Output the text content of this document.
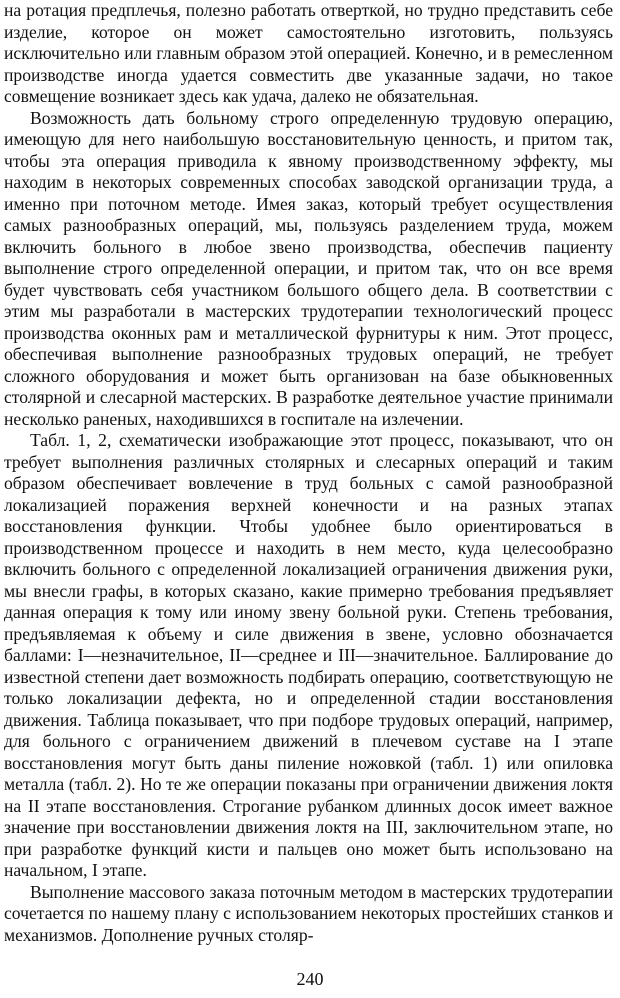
на ротация предплечья, полезно работать отверткой, но трудно представить себе изделие, которое он может самостоятельно изготовить, пользуясь исключительно или главным образом этой операцией. Конечно, и в ремесленном производстве иногда удается совместить две указанные задачи, но такое совмещение возникает здесь как удача, далеко не обязательная.

Возможность дать больному строго определенную трудовую операцию, имеющую для него наибольшую восстановительную ценность, и притом так, чтобы эта операция приводила к явному производственному эффекту, мы находим в некоторых современных способах заводской организации труда, а именно при поточном методе. Имея заказ, который требует осуществления самых разнообразных операций, мы, пользуясь разделением труда, можем включить больного в любое звено производства, обеспечив пациенту выполнение строго определенной операции, и притом так, что он все время будет чувствовать себя участником большого общего дела. В соответствии с этим мы разработали в мастерских трудотерапии технологический процесс производства оконных рам и металлической фурнитуры к ним. Этот процесс, обеспечивая выполнение разнообразных трудовых операций, не требует сложного оборудования и может быть организован на базе обыкновенных столярной и слесарной мастерских. В разработке деятельное участие принимали несколько раненых, находившихся в госпитале на излечении.

Табл. 1, 2, схематически изображающие этот процесс, показывают, что он требует выполнения различных столярных и слесарных операций и таким образом обеспечивает вовлечение в труд больных с самой разнообразной локализацией поражения верхней конечности и на разных этапах восстановления функции. Чтобы удобнее было ориентироваться в производственном процессе и находить в нем место, куда целесообразно включить больного с определенной локализацией ограничения движения руки, мы внесли графы, в которых сказано, какие примерно требования предъявляет данная операция к тому или иному звену больной руки. Степень требования, предъявляемая к объему и силе движения в звене, условно обозначается баллами: I—незначительное, II—среднее и III—значительное. Баллирование до известной степени дает возможность подбирать операцию, соответствующую не только локализации дефекта, но и определенной стадии восстановления движения. Таблица показывает, что при подборе трудовых операций, например, для больного с ограничением движений в плечевом суставе на I этапе восстановления могут быть даны пиление ножовкой (табл. 1) или опиловка металла (табл. 2). Но те же операции показаны при ограничении движения локтя на II этапе восстановления. Строгание рубанком длинных досок имеет важное значение при восстановлении движения локтя на III, заключительном этапе, но при разработке функций кисти и пальцев оно может быть использовано на начальном, I этапе.

Выполнение массового заказа поточным методом в мастерских трудотерапии сочетается по нашему плану с использованием некоторых простейших станков и механизмов. Дополнение ручных столяр-

240
